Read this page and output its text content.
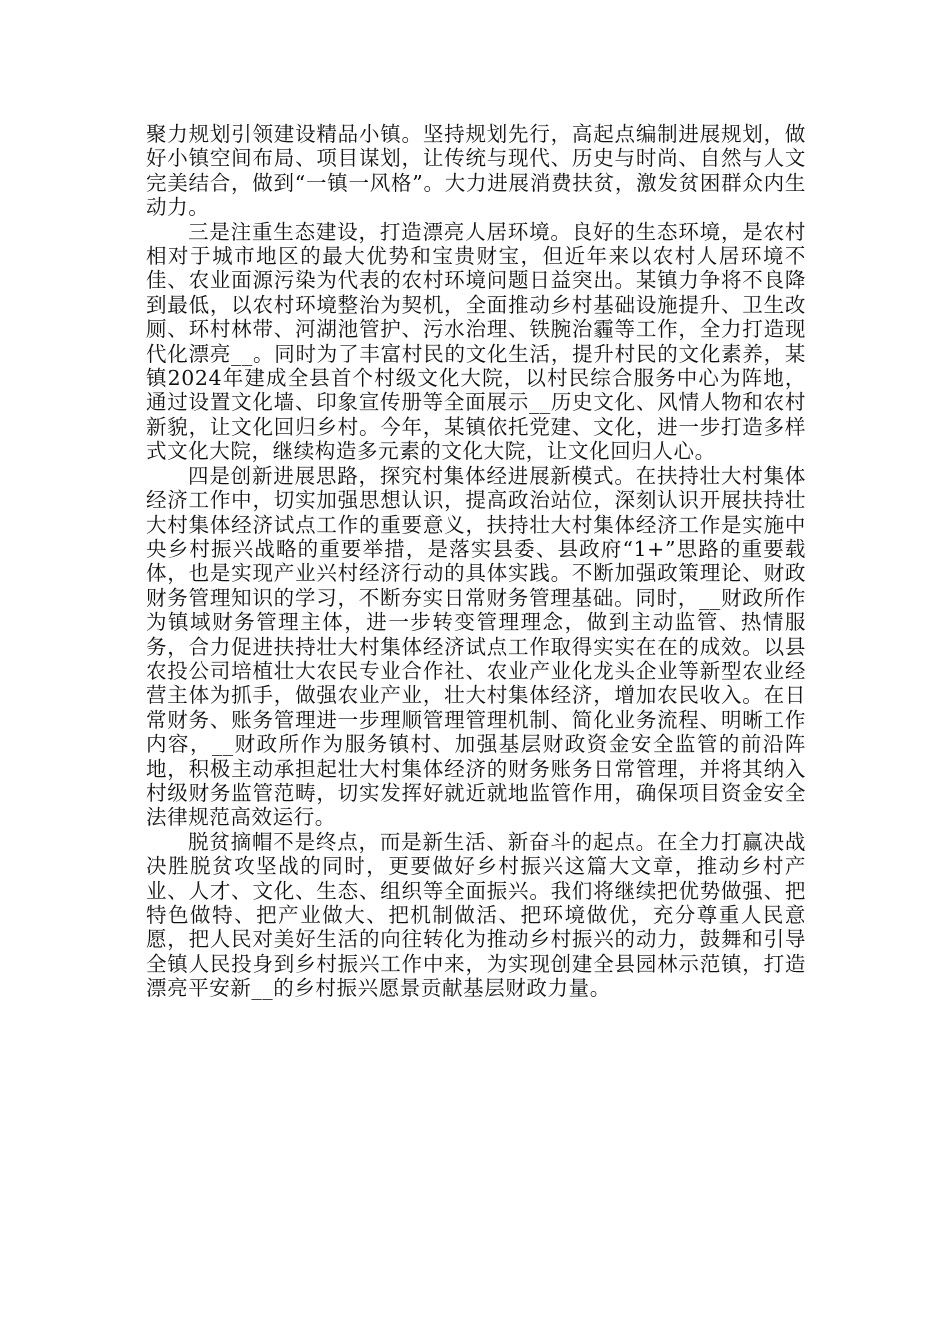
聚力规划引领建设精品小镇。坚持规划先行，高起点编制进展规划，做好小镇空间布局、项目谋划，让传统与现代、历史与时尚、自然与人文完美结合，做到“一镇一风格”。大力进展消费扶贫，激发贫困群众内生动力。

三是注重生态建设，打造漂亮人居环境。良好的生态环境，是农村相对于城市地区的最大优势和宝贵财宝，但近年来以农村人居环境不佳、农业面源污染为代表的农村环境问题日益突出。某镇力争将不良降到最低，以农村环境整治为契机，全面推动乡村基础设施提升、卫生改厕、环村林带、河湖池管护、污水治理、铁腕治霾等工作，全力打造现代化漂亮__。同时为了丰富村民的文化生活，提升村民的文化素养，某镇2024年建成全县首个村级文化大院，以村民综合服务中心为阵地，通过设置文化墙、印象宣传册等全面展示__历史文化、风情人物和农村新貌，让文化回归乡村。今年，某镇依托党建、文化，进一步打造多样式文化大院，继续构造多元素的文化大院，让文化回归人心。

四是创新进展思路，探究村集体经进展新模式。在扶持壮大村集体经济工作中，切实加强思想认识，提高政治站位，深刻认识开展扶持壮大村集体经济试点工作的重要意义，扶持壮大村集体经济工作是实施中央乡村振兴战略的重要举措，是落实县委、县政府“1+”思路的重要载体，也是实现产业兴村经济行动的具体实践。不断加强政策理论、财政财务管理知识的学习，不断夯实日常财务管理基础。同时，__财政所作为镇域财务管理主体，进一步转变管理理念，做到主动监管、热情服务，合力促进扶持壮大村集体经济试点工作取得实实在在的成效。以县农投公司培植壮大农民专业合作社、农业产业化龙头企业等新型农业经营主体为抓手，做强农业产业，壮大村集体经济，增加农民收入。在日常财务、账务管理进一步理顺管理管理机制、简化业务流程、明晰工作内容，__财政所作为服务镇村、加强基层财政资金安全监管的前沿阵地，积极主动承担起壮大村集体经济的财务账务日常管理，并将其纳入村级财务监管范畴，切实发挥好就近就地监管作用，确保项目资金安全法律规范高效运行。

脱贫摘帽不是终点，而是新生活、新奋斗的起点。在全力打赢决战决胜脱贫攻坚战的同时，更要做好乡村振兴这篇大文章，推动乡村产业、人才、文化、生态、组织等全面振兴。我们将继续把优势做强、把特色做特、把产业做大、把机制做活、把环境做优，充分尊重人民意愿，把人民对美好生活的向往转化为推动乡村振兴的动力，鼓舞和引导全镇人民投身到乡村振兴工作中来，为实现创建全县园林示范镇，打造漂亮平安新__的乡村振兴愿景贡献基层财政力量。
